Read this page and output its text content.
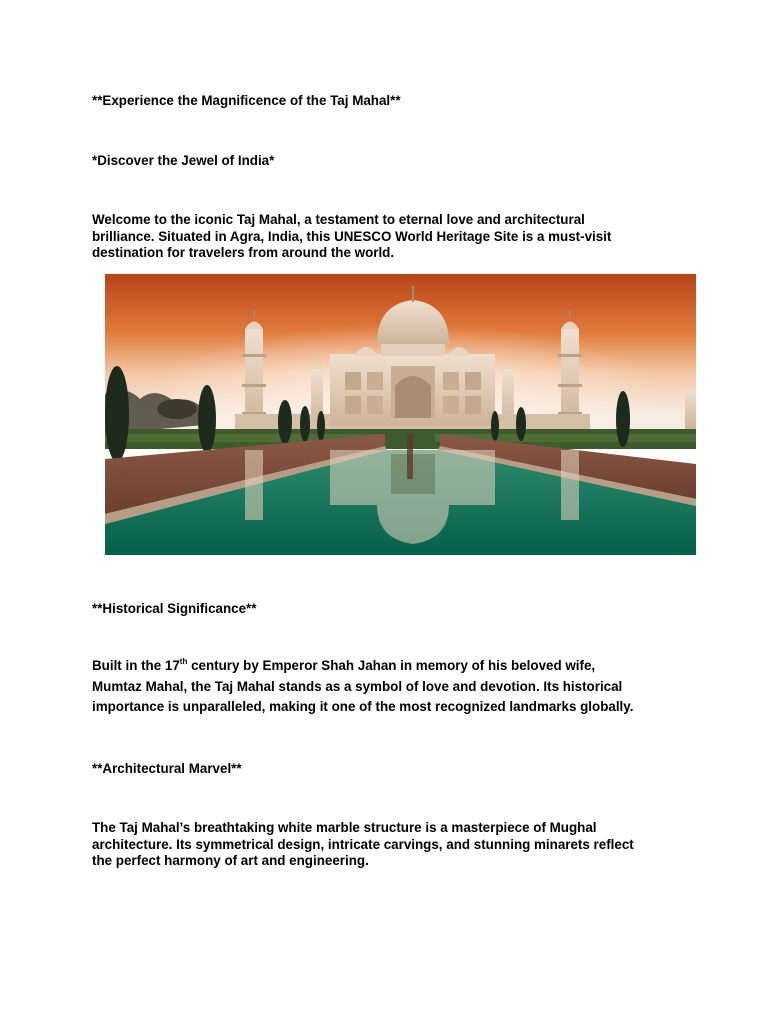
**Experience the Magnificence of the Taj Mahal**
*Discover the Jewel of India*
Welcome to the iconic Taj Mahal, a testament to eternal love and architectural
brilliance. Situated in Agra, India, this UNESCO World Heritage Site is a must-visit
destination for travelers from around the world.
**Historical Significance**
Built in the 17th century by Emperor Shah Jahan in memory of his beloved wife,
Mumtaz Mahal, the Taj Mahal stands as a symbol of love and devotion. Its historical
importance is unparalleled, making it one of the most recognized landmarks globally.
**Architectural Marvel**
The Taj Mahal’s breathtaking white marble structure is a masterpiece of Mughal
architecture. Its symmetrical design, intricate carvings, and stunning minarets reflect
the perfect harmony of art and engineering.
